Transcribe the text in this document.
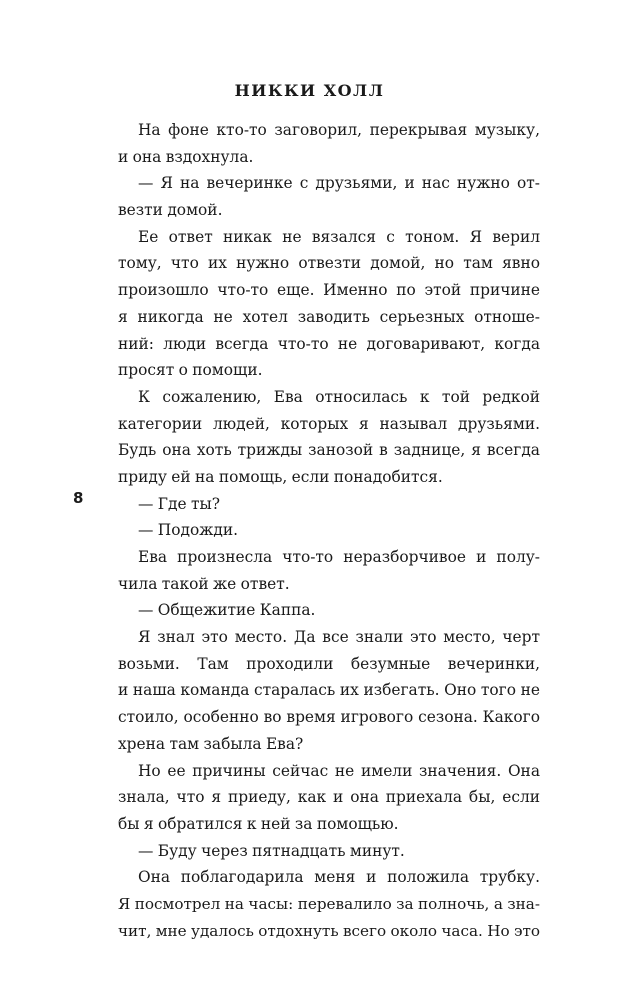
НИККИ ХОЛЛ
8
На фоне кто-то заговорил, перекрывая музыку,
и она вздохнула.
— Я на вечеринке с друзьями, и нас нужно от-
везти домой.
Ее ответ никак не вязался с тоном. Я верил
тому, что их нужно отвезти домой, но там явно
произошло что-то еще. Именно по этой причине
я никогда не хотел заводить серьезных отноше-
ний: люди всегда что-то не договаривают, когда
просят о помощи.
К сожалению, Ева относилась к той редкой
категории людей, которых я называл друзьями.
Будь она хоть трижды занозой в заднице, я всегда
приду ей на помощь, если понадобится.
— Где ты?
— Подожди.
Ева произнесла что-то неразборчивое и полу-
чила такой же ответ.
— Общежитие Каппа.
Я знал это место. Да все знали это место, черт
возьми. Там проходили безумные вечеринки,
и наша команда старалась их избегать. Оно того не
стоило, особенно во время игрового сезона. Какого
хрена там забыла Ева?
Но ее причины сейчас не имели значения. Она
знала, что я приеду, как и она приехала бы, если
бы я обратился к ней за помощью.
— Буду через пятнадцать минут.
Она поблагодарила меня и положила трубку.
Я посмотрел на часы: перевалило за полночь, а зна-
чит, мне удалось отдохнуть всего около часа. Но это
